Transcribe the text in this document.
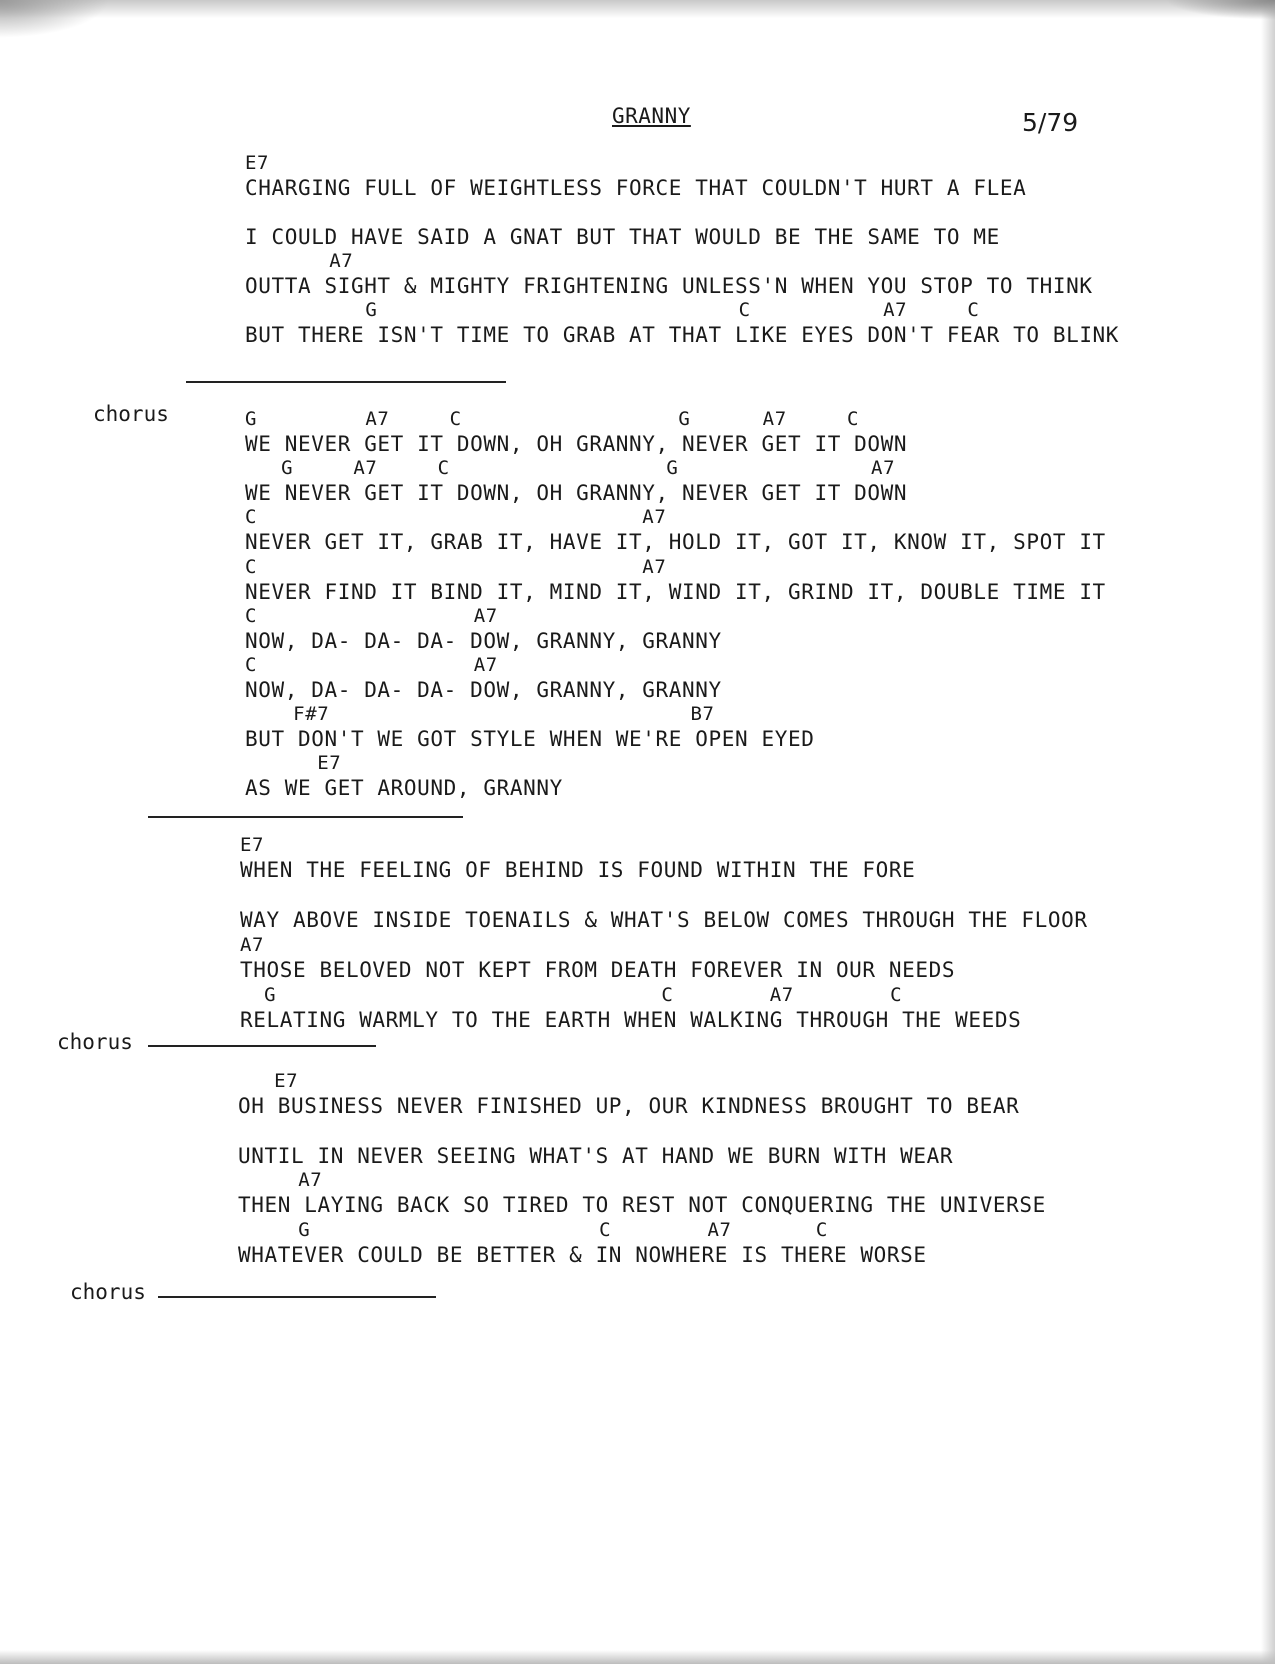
GRANNY	5/79

E7

CHARGING FULL OF WEIGHTLESS FORCE THAT COULDN'T HURT A FLEA

I COULD HAVE SAID A GNAT BUT THAT WOULD BE THE SAME TO ME

A7

OUTTA SIGHT & MIGHTY FRIGHTENING UNLESS'N WHEN YOU STOP TO THINK

G                              C           A7     C

BUT THERE ISN'T TIME TO GRAB AT THAT LIKE EYES DON'T FEAR TO BLINK

chorus

	G         A7     C                  G      A7     C

WE NEVER GET IT DOWN, OH GRANNY, NEVER GET IT DOWN

G     A7     C                  G                A7

WE NEVER GET IT DOWN, OH GRANNY, NEVER GET IT DOWN

C                                A7

NEVER GET IT, GRAB IT, HAVE IT, HOLD IT, GOT IT, KNOW IT, SPOT IT

C                                A7

NEVER FIND IT BIND IT, MIND IT, WIND IT, GRIND IT, DOUBLE TIME IT

C                  A7

NOW, DA- DA- DA- DOW, GRANNY, GRANNY

C                  A7

NOW, DA- DA- DA- DOW, GRANNY, GRANNY

F#7                              B7

BUT DON'T WE GOT STYLE WHEN WE'RE OPEN EYED

E7

AS WE GET AROUND, GRANNY

E7

WHEN THE FEELING OF BEHIND IS FOUND WITHIN THE FORE

WAY ABOVE INSIDE TOENAILS & WHAT'S BELOW COMES THROUGH THE FLOOR

A7

THOSE BELOVED NOT KEPT FROM DEATH FOREVER IN OUR NEEDS

G                                C        A7        C

RELATING WARMLY TO THE EARTH WHEN WALKING THROUGH THE WEEDS

chorus

E7

OH BUSINESS NEVER FINISHED UP, OUR KINDNESS BROUGHT TO BEAR

UNTIL IN NEVER SEEING WHAT'S AT HAND WE BURN WITH WEAR

A7

THEN LAYING BACK SO TIRED TO REST NOT CONQUERING THE UNIVERSE

G                        C        A7       C

WHATEVER COULD BE BETTER & IN NOWHERE IS THERE WORSE

chorus
